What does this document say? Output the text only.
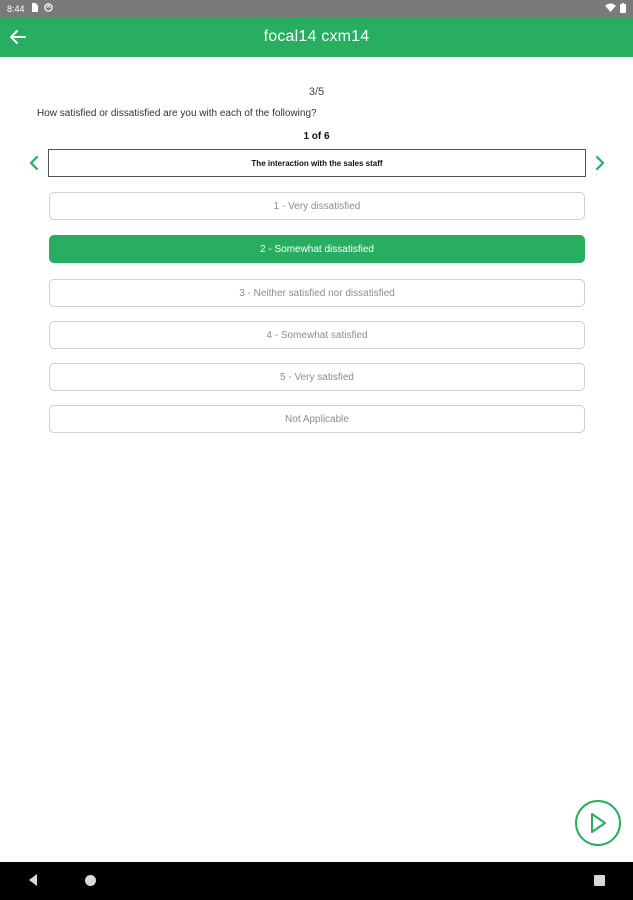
8:44
focal14 cxm14
3/5
How satisfied or dissatisfied are you with each of the following?
1 of 6
The interaction with the sales staff
1 - Very dissatisfied
2 - Somewhat dissatisfied
3 - Neither satisfied nor dissatisfied
4 - Somewhat satisfied
5 - Very satisfied
Not Applicable
